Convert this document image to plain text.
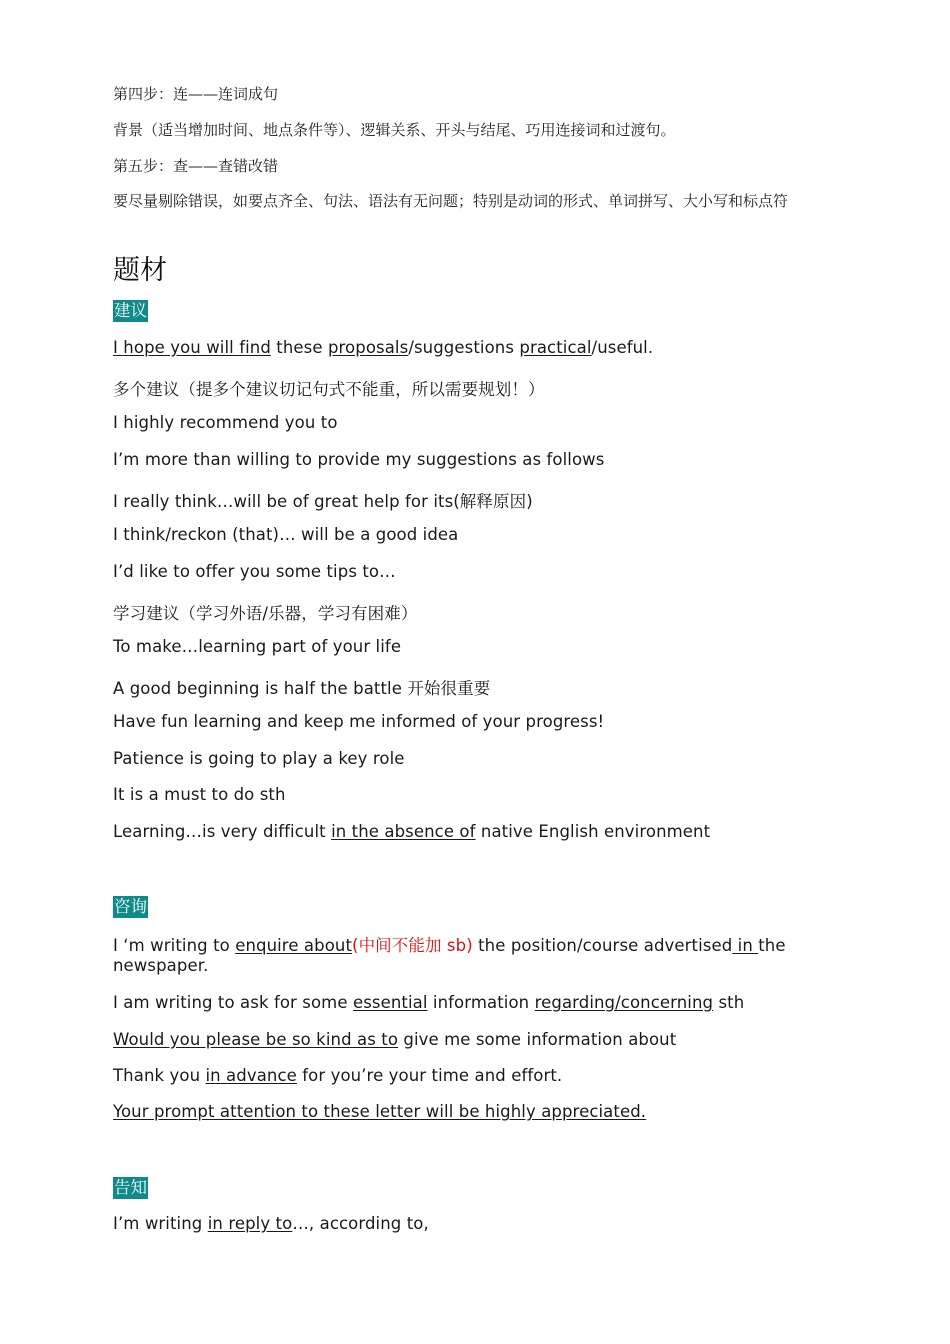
第四步：连——连词成句
背景（适当增加时间、地点条件等）、逻辑关系、开头与结尾、巧用连接词和过渡句。
第五步：查——查错改错
要尽量剔除错误，如要点齐全、句法、语法有无问题；特别是动词的形式、单词拼写、大小写和标点符
题材
建议
I hope you will find these proposals/suggestions practical/useful.
多个建议（提多个建议切记句式不能重，所以需要规划！）
I highly recommend you to
I’m more than willing to provide my suggestions as follows
I really think…will be of great help for its(解释原因)
I think/reckon (that)… will be a good idea
I’d like to offer you some tips to…
学习建议（学习外语/乐器，学习有困难）
To make…learning part of your life
A good beginning is half the battle 开始很重要
Have fun learning and keep me informed of your progress!
Patience is going to play a key role
It is a must to do sth
Learning…is very difficult in the absence of native English environment
咨询
I ‘m writing to enquire about(中间不能加 sb) the position/course advertised in the newspaper.
I am writing to ask for some essential information regarding/concerning sth
Would you please be so kind as to give me some information about
Thank you in advance for you’re your time and effort.
Your prompt attention to these letter will be highly appreciated.
告知
I’m writing in reply to…, according to,
